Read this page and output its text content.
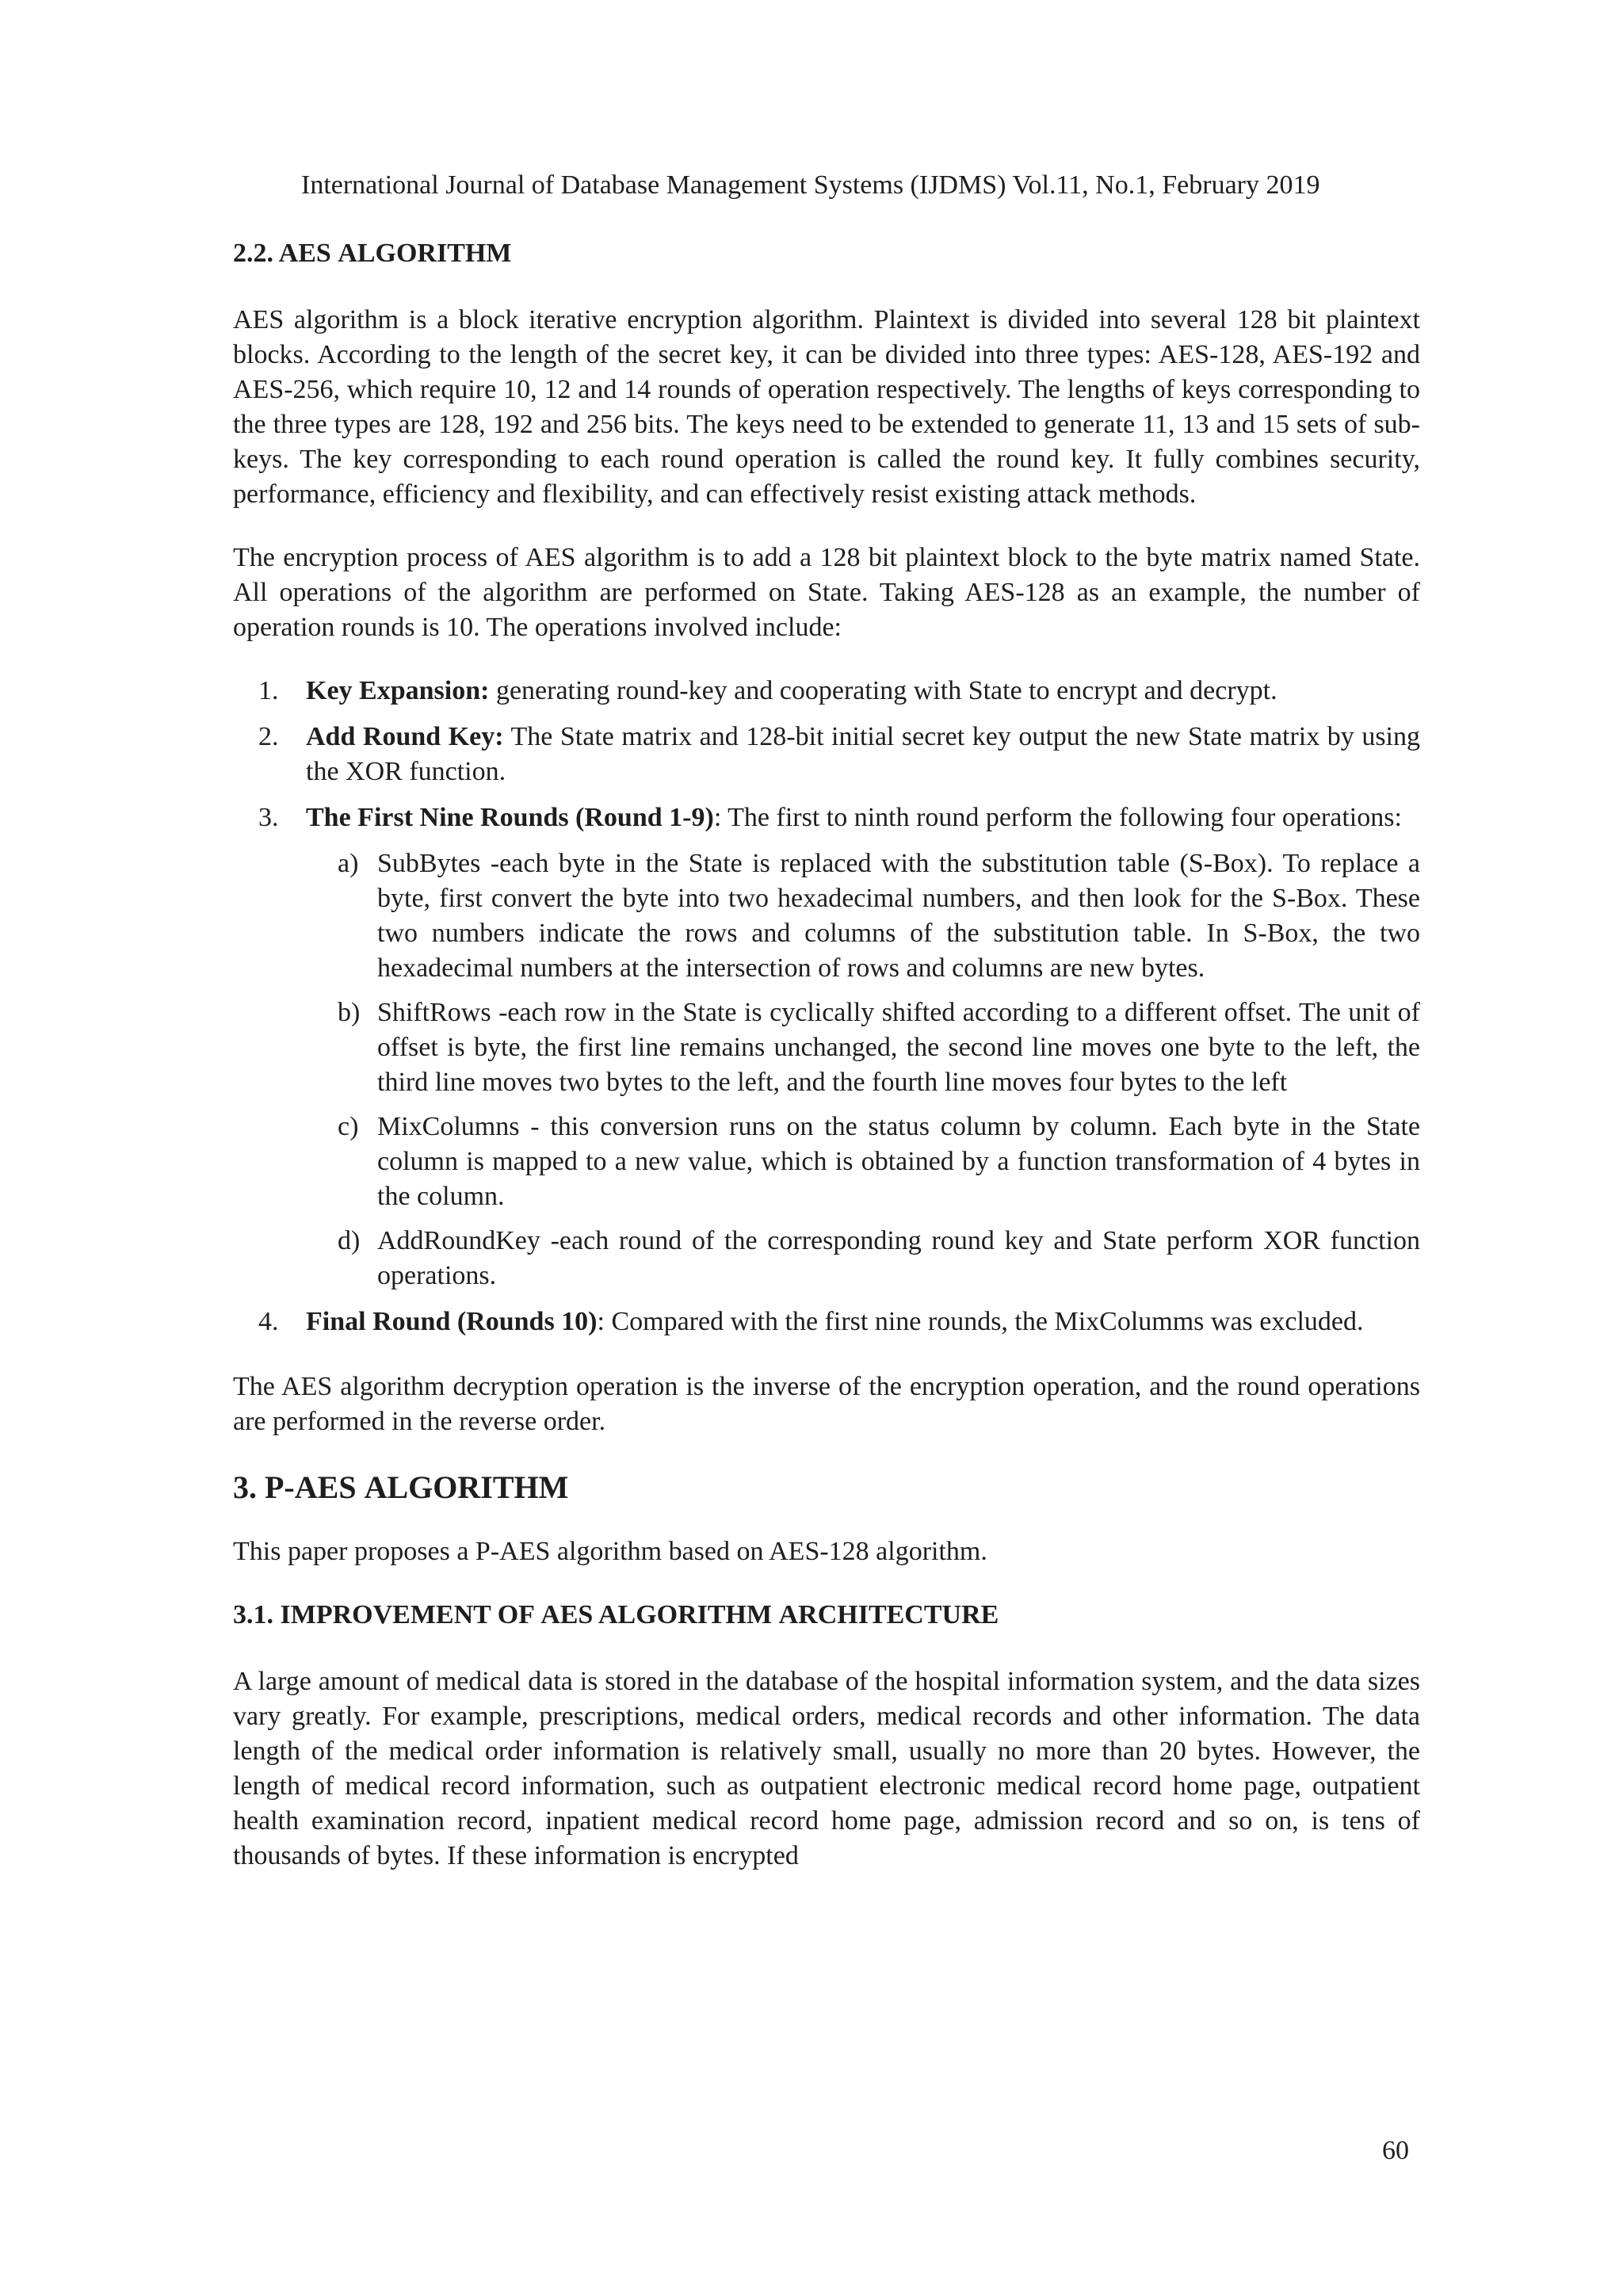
International Journal of Database Management Systems (IJDMS) Vol.11, No.1, February 2019
2.2. AES ALGORITHM

AES algorithm is a block iterative encryption algorithm. Plaintext is divided into several 128 bit plaintext blocks. According to the length of the secret key, it can be divided into three types: AES-128, AES-192 and AES-256, which require 10, 12 and 14 rounds of operation respectively. The lengths of keys corresponding to the three types are 128, 192 and 256 bits. The keys need to be extended to generate 11, 13 and 15 sets of sub-keys. The key corresponding to each round operation is called the round key. It fully combines security, performance, efficiency and flexibility, and can effectively resist existing attack methods.

The encryption process of AES algorithm is to add a 128 bit plaintext block to the byte matrix named State. All operations of the algorithm are performed on State. Taking AES-128 as an example, the number of operation rounds is 10. The operations involved include:

1. Key Expansion: generating round-key and cooperating with State to encrypt and decrypt.
2. Add Round Key: The State matrix and 128-bit initial secret key output the new State matrix by using the XOR function.
3. The First Nine Rounds (Round 1-9): The first to ninth round perform the following four operations:
a) SubBytes -each byte in the State is replaced with the substitution table (S-Box). To replace a byte, first convert the byte into two hexadecimal numbers, and then look for the S-Box. These two numbers indicate the rows and columns of the substitution table. In S-Box, the two hexadecimal numbers at the intersection of rows and columns are new bytes.
b) ShiftRows -each row in the State is cyclically shifted according to a different offset. The unit of offset is byte, the first line remains unchanged, the second line moves one byte to the left, the third line moves two bytes to the left, and the fourth line moves four bytes to the left
c) MixColumns - this conversion runs on the status column by column. Each byte in the State column is mapped to a new value, which is obtained by a function transformation of 4 bytes in the column.
d) AddRoundKey -each round of the corresponding round key and State perform XOR function operations.
4. Final Round (Rounds 10): Compared with the first nine rounds, the MixColumms was excluded.

The AES algorithm decryption operation is the inverse of the encryption operation, and the round operations are performed in the reverse order.

3. P-AES ALGORITHM

This paper proposes a P-AES algorithm based on AES-128 algorithm.

3.1. IMPROVEMENT OF AES ALGORITHM ARCHITECTURE

A large amount of medical data is stored in the database of the hospital information system, and the data sizes vary greatly. For example, prescriptions, medical orders, medical records and other information. The data length of the medical order information is relatively small, usually no more than 20 bytes. However, the length of medical record information, such as outpatient electronic medical record home page, outpatient health examination record, inpatient medical record home page, admission record and so on, is tens of thousands of bytes. If these information is encrypted

60
